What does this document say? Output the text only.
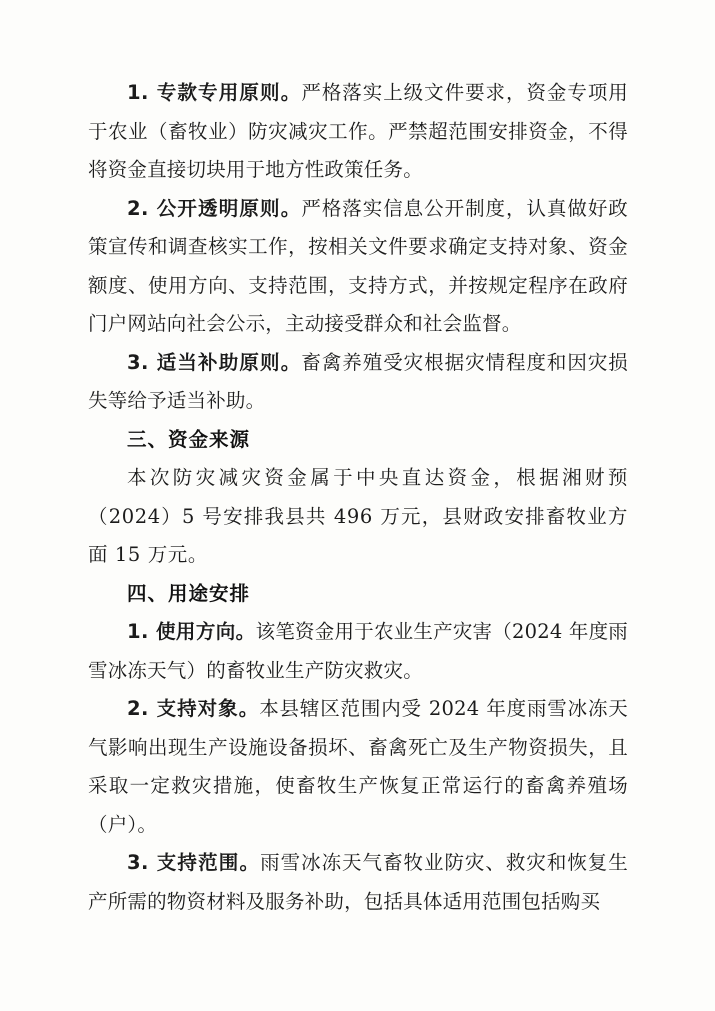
1. 专款专用原则。严格落实上级文件要求，资金专项用于农业（畜牧业）防灾减灾工作。严禁超范围安排资金，不得将资金直接切块用于地方性政策任务。

2. 公开透明原则。严格落实信息公开制度，认真做好政策宣传和调查核实工作，按相关文件要求确定支持对象、资金额度、使用方向、支持范围，支持方式，并按规定程序在政府门户网站向社会公示，主动接受群众和社会监督。

3. 适当补助原则。畜禽养殖受灾根据灾情程度和因灾损失等给予适当补助。

三、资金来源

本次防灾减灾资金属于中央直达资金，根据湘财预（2024）5 号安排我县共 496 万元，县财政安排畜牧业方面 15 万元。

四、用途安排

1. 使用方向。该笔资金用于农业生产灾害（2024 年度雨雪冰冻天气）的畜牧业生产防灾救灾。

2. 支持对象。本县辖区范围内受 2024 年度雨雪冰冻天气影响出现生产设施设备损坏、畜禽死亡及生产物资损失，且采取一定救灾措施，使畜牧生产恢复正常运行的畜禽养殖场（户）。

3. 支持范围。雨雪冰冻天气畜牧业防灾、救灾和恢复生产所需的物资材料及服务补助，包括具体适用范围包括购买
